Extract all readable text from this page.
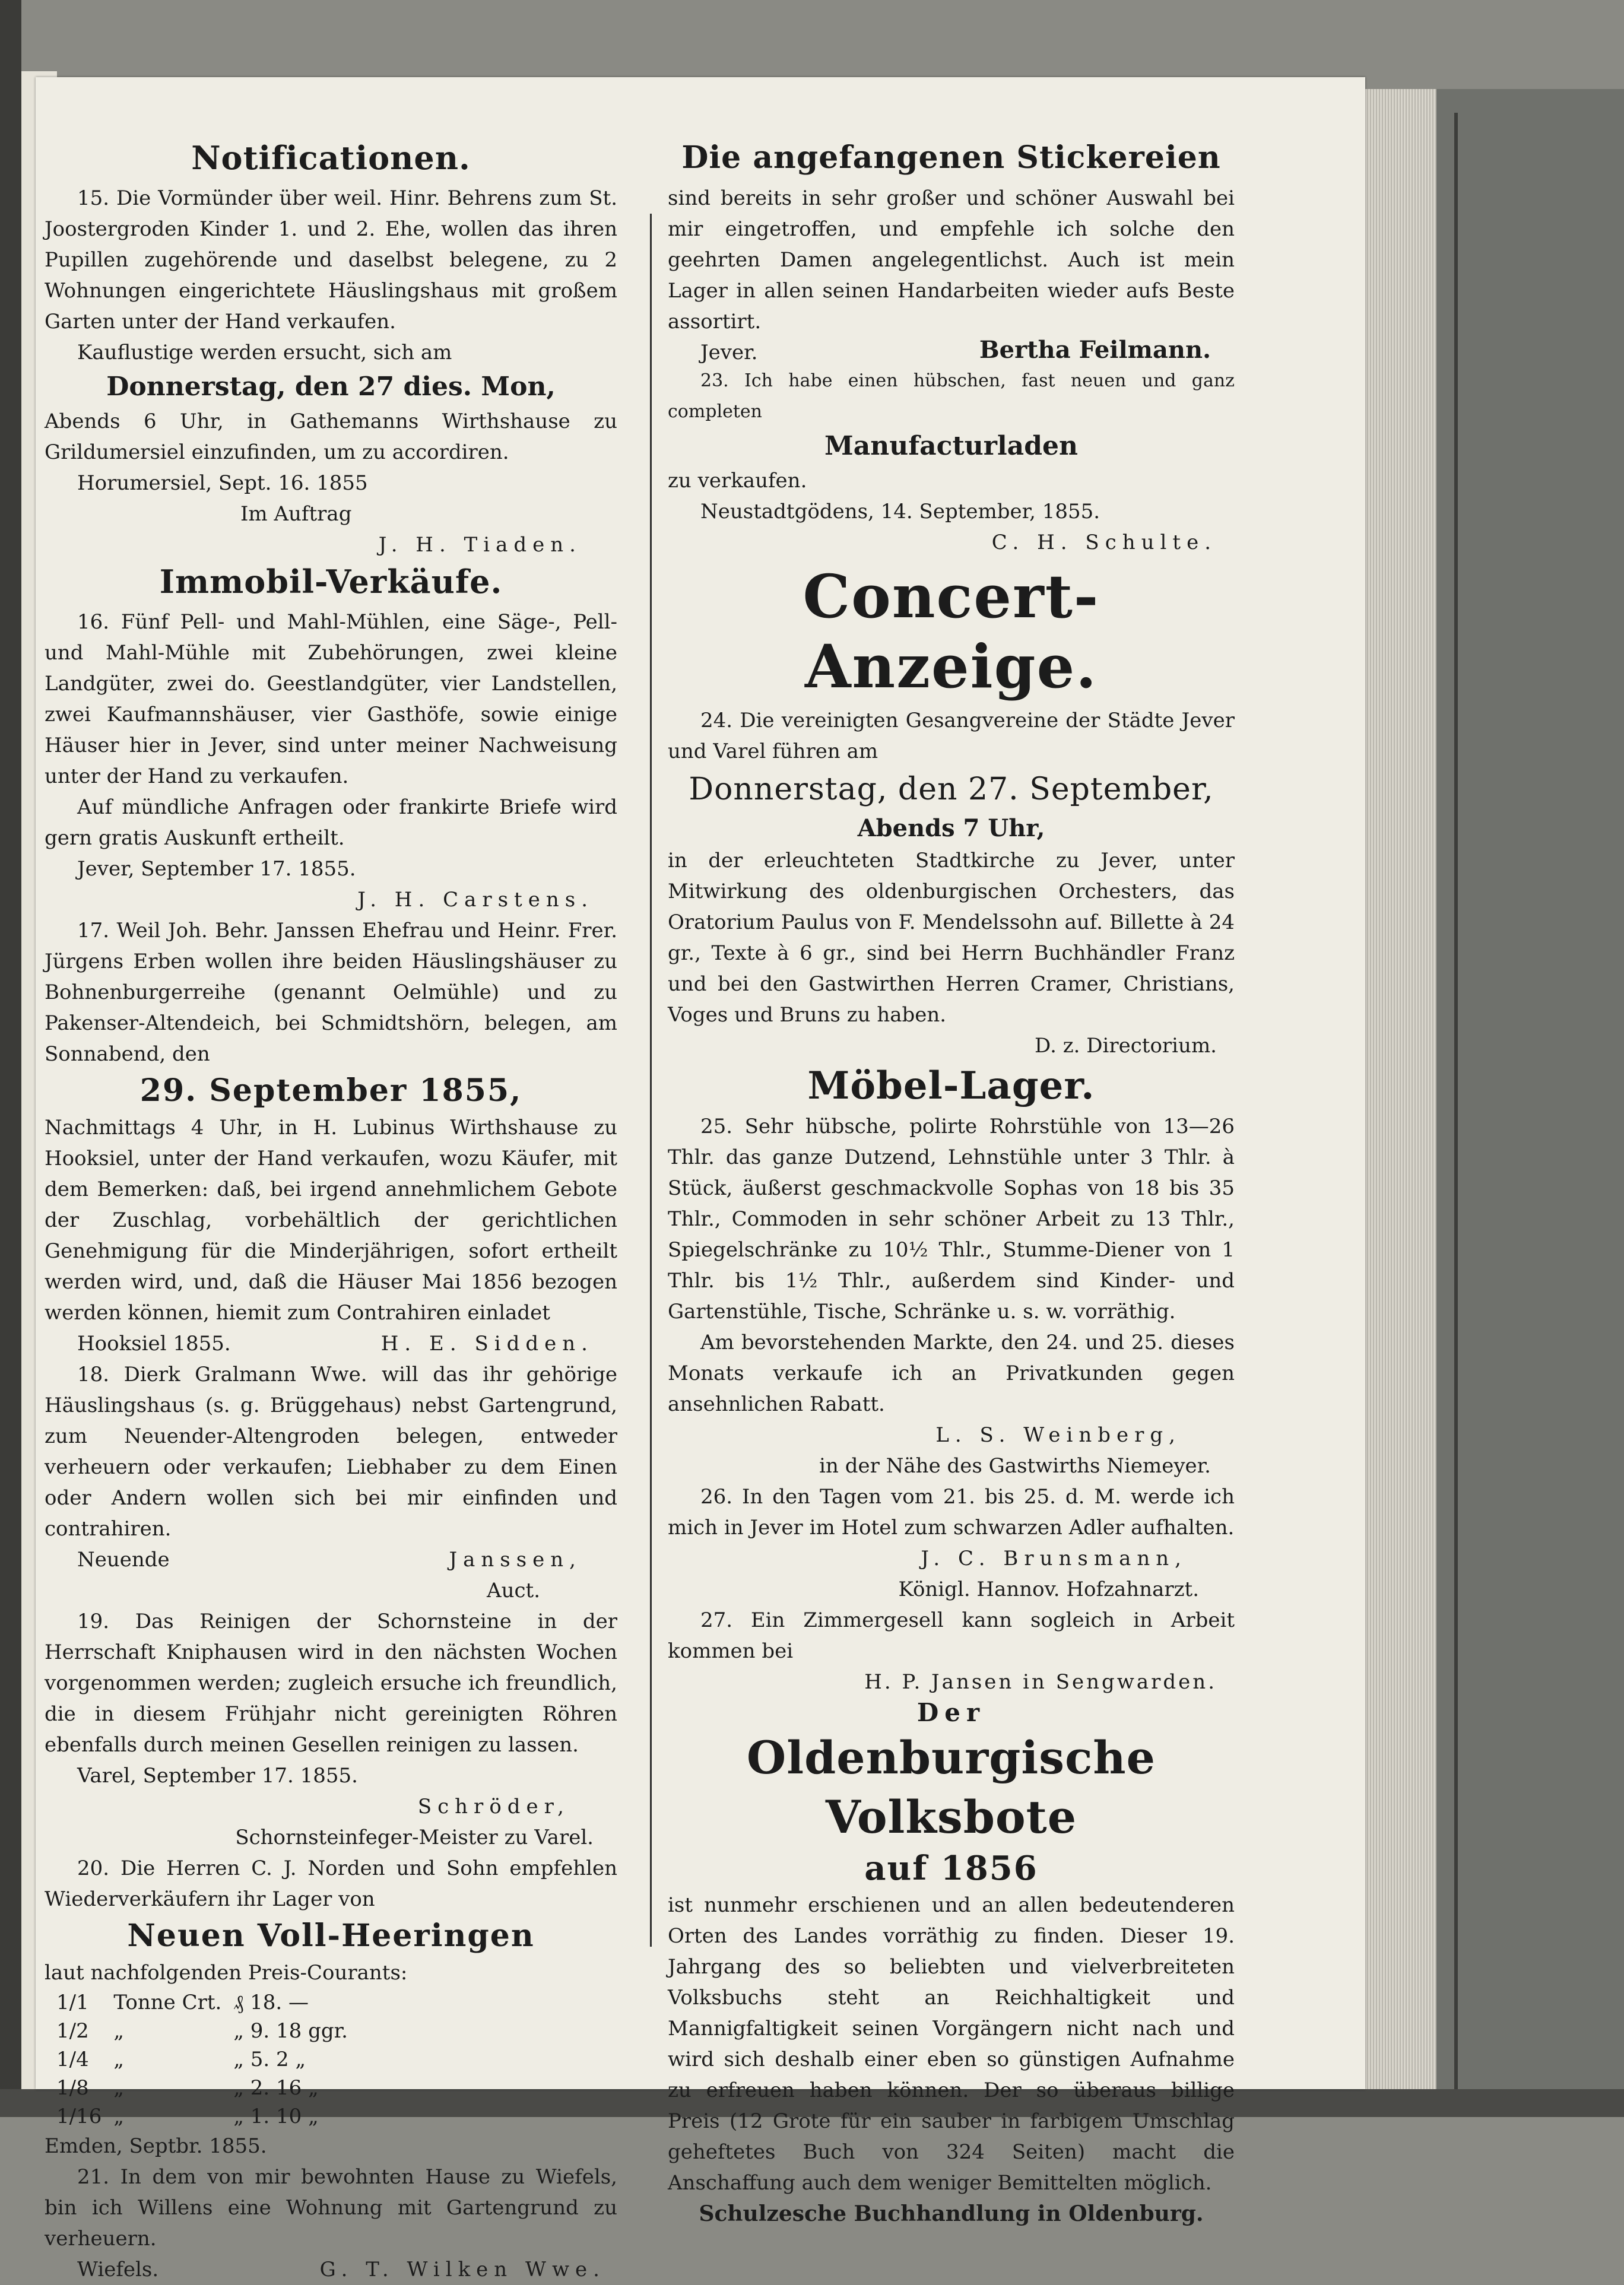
Notificationen.

15. Die Vormünder über weil. Hinr. Behrens zum St. Joostergroden Kinder 1. und 2. Ehe, wollen das ihren Pupillen zugehörende und daselbst belegene, zu 2 Wohnungen eingerichtete Häuslingshaus mit großem Garten unter der Hand verkaufen.

Kauflustige werden ersucht, sich am

Donnerstag, den 27 dies. Mon,

Abends 6 Uhr, in Gathemanns Wirthshause zu Grildumersiel einzufinden, um zu accordiren.

Horumersiel, Sept. 16. 1855

Im Auftrag

J. H. Tiaden.

Immobil-Verkäufe.

16. Fünf Pell- und Mahl-Mühlen, eine Säge-, Pell- und Mahl-Mühle mit Zubehörungen, zwei kleine Landgüter, zwei do. Geestlandgüter, vier Landstellen, zwei Kaufmannshäuser, vier Gasthöfe, sowie einige Häuser hier in Jever, sind unter meiner Nachweisung unter der Hand zu verkaufen.

Auf mündliche Anfragen oder frankirte Briefe wird gern gratis Auskunft ertheilt.

Jever, September 17. 1855.

J. H. Carstens.

17. Weil Joh. Behr. Janssen Ehefrau und Heinr. Frer. Jürgens Erben wollen ihre beiden Häuslingshäuser zu Bohnenburgerreihe (genannt Oelmühle) und zu Pakenser-Altendeich, bei Schmidtshörn, belegen, am Sonnabend, den

29. September 1855,

Nachmittags 4 Uhr, in H. Lubinus Wirthshause zu Hooksiel, unter der Hand verkaufen, wozu Käufer, mit dem Bemerken: daß, bei irgend annehmlichem Gebote der Zuschlag, vorbehältlich der gerichtlichen Genehmigung für die Minderjährigen, sofort ertheilt werden wird, und, daß die Häuser Mai 1856 bezogen werden können, hiemit zum Contrahiren einladet

Hooksiel 1855.	H. E. Sidden.

18. Dierk Gralmann Wwe. will das ihr gehörige Häuslingshaus (s. g. Brüggehaus) nebst Gartengrund, zum Neuender-Altengroden belegen, entweder verheuern oder verkaufen; Liebhaber zu dem Einen oder Andern wollen sich bei mir einfinden und contrahiren.

Neuende	Janssen,

Auct.

19. Das Reinigen der Schornsteine in der Herrschaft Kniphausen wird in den nächsten Wochen vorgenommen werden; zugleich ersuche ich freundlich, die in diesem Frühjahr nicht gereinigten Röhren ebenfalls durch meinen Gesellen reinigen zu lassen.

Varel, September 17. 1855.

Schröder,

Schornsteinfeger-Meister zu Varel.

20. Die Herren C. J. Norden und Sohn empfehlen Wiederverkäufern ihr Lager von

Neuen Voll-Heeringen

laut nachfolgenden Preis-Courants:

1/1	Tonne Crt.	₰ 18. —
1/2	„	„ 9. 18 ggr.
1/4	„	„ 5. 2 „
1/8	„	„ 2. 16 „
1/16	„	„ 1. 10 „

Emden, Septbr. 1855.

21. In dem von mir bewohnten Hause zu Wiefels, bin ich Willens eine Wohnung mit Gartengrund zu verheuern.

Wiefels.	G. T. Wilken Wwe.

Die angefangenen Stickereien

sind bereits in sehr großer und schöner Auswahl bei mir eingetroffen, und empfehle ich solche den geehrten Damen angelegentlichst. Auch ist mein Lager in allen seinen Handarbeiten wieder aufs Beste assortirt.

Jever.	Bertha Feilmann.

23. Ich habe einen hübschen, fast neuen und ganz completen

Manufacturladen

zu verkaufen.

Neustadtgödens, 14. September, 1855.

C. H. Schulte.

Concert-Anzeige.

24. Die vereinigten Gesangvereine der Städte Jever und Varel führen am

Donnerstag, den 27. September,

Abends 7 Uhr,

in der erleuchteten Stadtkirche zu Jever, unter Mitwirkung des oldenburgischen Orchesters, das Oratorium Paulus von F. Mendelssohn auf. Billette à 24 gr., Texte à 6 gr., sind bei Herrn Buchhändler Franz und bei den Gastwirthen Herren Cramer, Christians, Voges und Bruns zu haben.

D. z. Directorium.

Möbel-Lager.

25. Sehr hübsche, polirte Rohrstühle von 13—26 Thlr. das ganze Dutzend, Lehnstühle unter 3 Thlr. à Stück, äußerst geschmackvolle Sophas von 18 bis 35 Thlr., Commoden in sehr schöner Arbeit zu 13 Thlr., Spiegelschränke zu 10½ Thlr., Stumme-Diener von 1 Thlr. bis 1½ Thlr., außerdem sind Kinder- und Gartenstühle, Tische, Schränke u. s. w. vorräthig.

Am bevorstehenden Markte, den 24. und 25. dieses Monats verkaufe ich an Privatkunden gegen ansehnlichen Rabatt.

L. S. Weinberg,

in der Nähe des Gastwirths Niemeyer.

26. In den Tagen vom 21. bis 25. d. M. werde ich mich in Jever im Hotel zum schwarzen Adler aufhalten.

J. C. Brunsmann,

Königl. Hannov. Hofzahnarzt.

27. Ein Zimmergesell kann sogleich in Arbeit kommen bei

H. P. Jansen in Sengwarden.

Der

Oldenburgische Volksbote

auf 1856

ist nunmehr erschienen und an allen bedeutenderen Orten des Landes vorräthig zu finden. Dieser 19. Jahrgang des so beliebten und vielverbreiteten Volksbuchs steht an Reichhaltigkeit und Mannigfaltigkeit seinen Vorgängern nicht nach und wird sich deshalb einer eben so günstigen Aufnahme zu erfreuen haben können. Der so überaus billige Preis (12 Grote für ein sauber in farbigem Umschlag geheftetes Buch von 324 Seiten) macht die Anschaffung auch dem weniger Bemittelten möglich.

Schulzesche Buchhandlung in Oldenburg.
